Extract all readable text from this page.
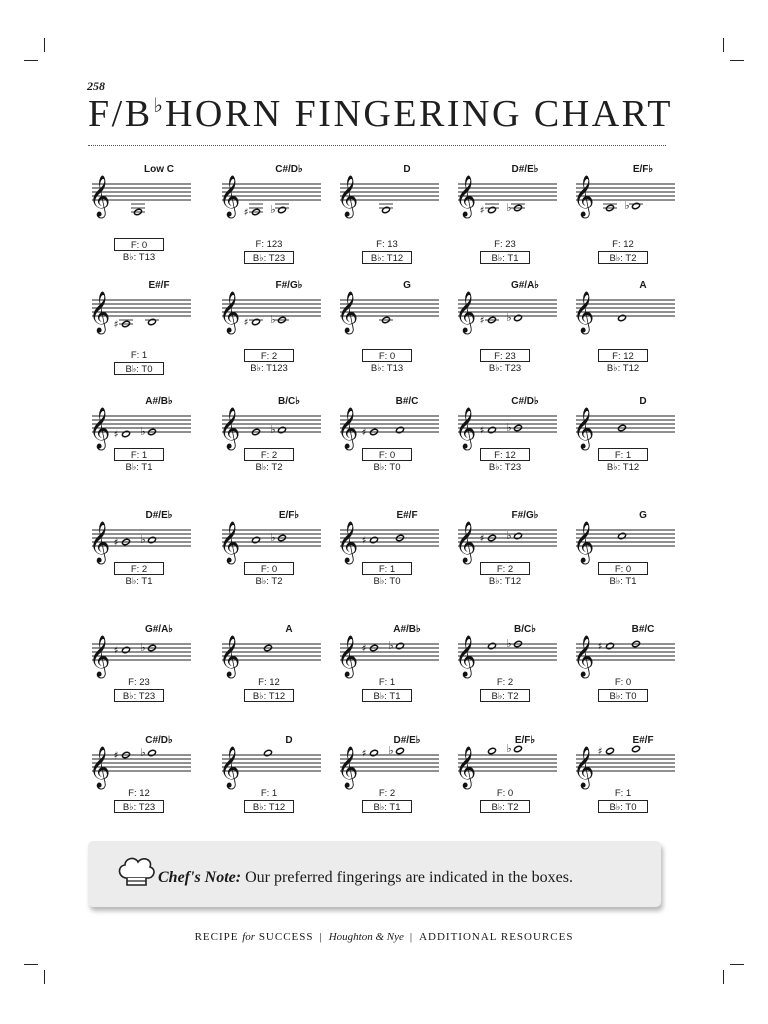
258
F/B♭HORN FINGERING CHART
Low C
𝄞
F: 0
B♭: T13
C#/D♭
𝄞 ♯ ♭
F: 123
B♭: T23
D
𝄞
F: 13
B♭: T12
D#/E♭
𝄞 ♯ ♭
F: 23
B♭: T1
E/F♭
𝄞	♭
F: 12
B♭: T2
E#/F
𝄞 ♯
F: 1
B♭: T0
F#/G♭
𝄞 ♯ ♭
F: 2
B♭: T123
G
𝄞
F: 0
B♭: T13
G#/A♭
𝄞 ♯ ♭
F: 23
B♭: T23
A
𝄞
F: 12
B♭: T12
A#/B♭
𝄞 ♯ ♭
F: 1
B♭: T1
B/C♭
𝄞	♭
F: 2
B♭: T2
B#/C
𝄞 ♯
F: 0
B♭: T0
C#/D♭
𝄞 ♯ ♭
F: 12
B♭: T23
D
𝄞
F: 1
B♭: T12
D#/E♭
𝄞 ♯ ♭
F: 2
B♭: T1
E/F♭
𝄞	♭
F: 0
B♭: T2
E#/F
𝄞 ♯
F: 1
B♭: T0
F#/G♭
𝄞 ♯ ♭
F: 2
B♭: T12
G
𝄞
F: 0
B♭: T1
G#/A♭
𝄞 ♯ ♭
F: 23
B♭: T23
A
𝄞
F: 12
B♭: T12
A#/B♭
𝄞 ♯ ♭
F: 1
B♭: T1
B/C♭
𝄞	♭
F: 2
B♭: T2
B#/C
𝄞 ♯
F: 0
B♭: T0
C#/D♭
𝄞 ♯ ♭
F: 12
B♭: T23
D
𝄞
F: 1
B♭: T12
D#/E♭
𝄞 ♯ ♭
F: 2
B♭: T1
E/F♭
𝄞	♭
F: 0
B♭: T2
E#/F
𝄞 ♯
F: 1
B♭: T0
Chef's Note: Our preferred fingerings are indicated in the boxes.
RECIPE for SUCCESS | Houghton & Nye | ADDITIONAL RESOURCES
